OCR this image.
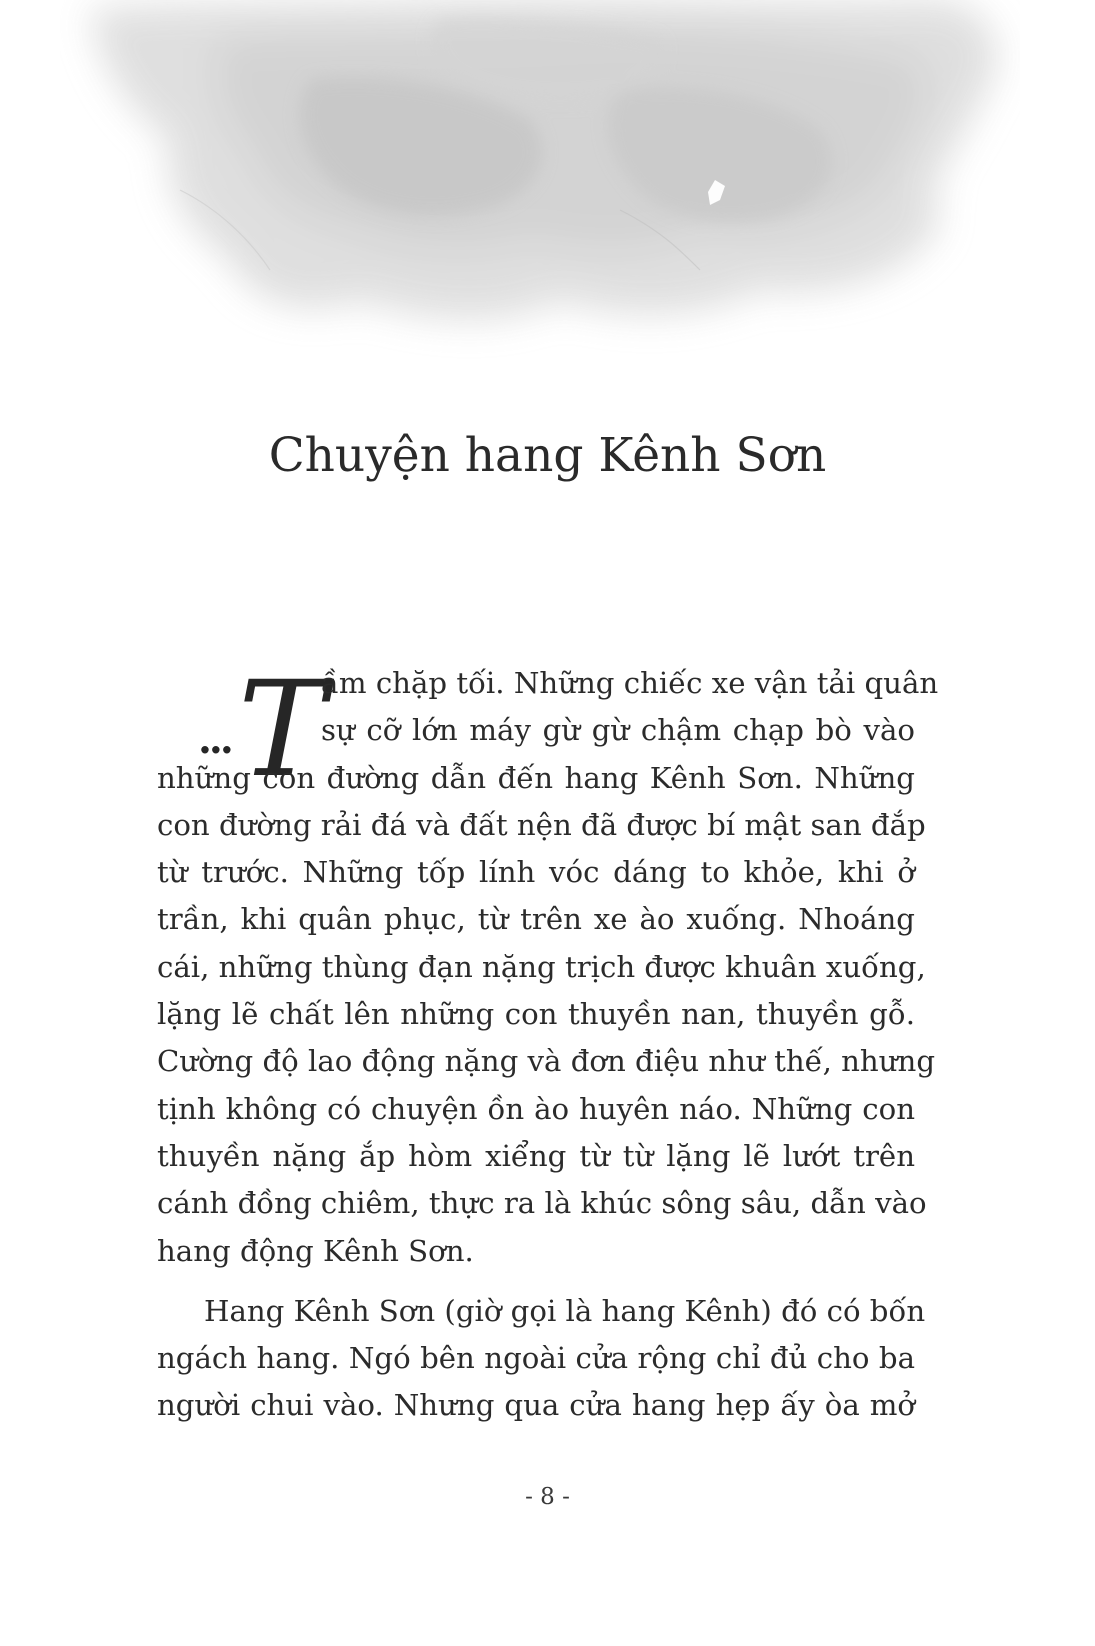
Chuyện hang Kênh Sơn
... T
ầm chặp tối. Những chiếc xe vận tải quân
sự cỡ lớn máy gừ gừ chậm chạp bò vào
những con đường dẫn đến hang Kênh Sơn. Những
con đường rải đá và đất nện đã được bí mật san đắp
từ trước. Những tốp lính vóc dáng to khỏe, khi ở
trần, khi quân phục, từ trên xe ào xuống. Nhoáng
cái, những thùng đạn nặng trịch được khuân xuống,
lặng lẽ chất lên những con thuyền nan, thuyền gỗ.
Cường độ lao động nặng và đơn điệu như thế, nhưng
tịnh không có chuyện ồn ào huyên náo. Những con
thuyền nặng ắp hòm xiểng từ từ lặng lẽ lướt trên
cánh đồng chiêm, thực ra là khúc sông sâu, dẫn vào
hang động Kênh Sơn.
Hang Kênh Sơn (giờ gọi là hang Kênh) đó có bốn
ngách hang. Ngó bên ngoài cửa rộng chỉ đủ cho ba
người chui vào. Nhưng qua cửa hang hẹp ấy òa mở
- 8 -
